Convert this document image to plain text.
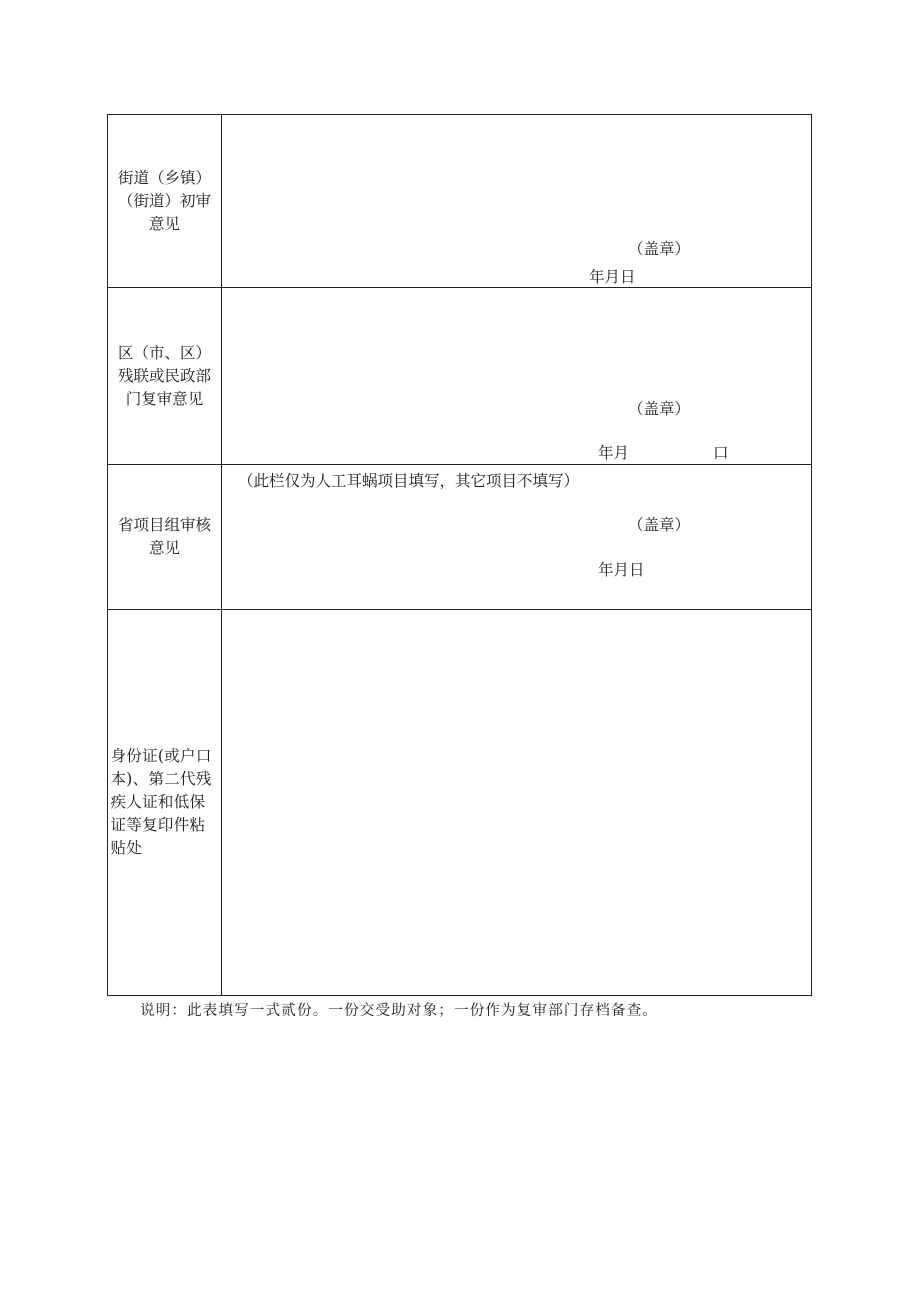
街道（乡镇）
（街道）初审
意见
（盖章）
年月日
区（市、区）
残联或民政部
门复审意见
（盖章）
年月	口
省项目组审核
意见
（此栏仅为人工耳蜗项目填写，其它项目不填写）
（盖章）
年月日
身份证(或户口
本)、第二代残
疾人证和低保
证等复印件粘
贴处
说明：此表填写一式贰份。一份交受助对象；一份作为复审部门存档备查。
